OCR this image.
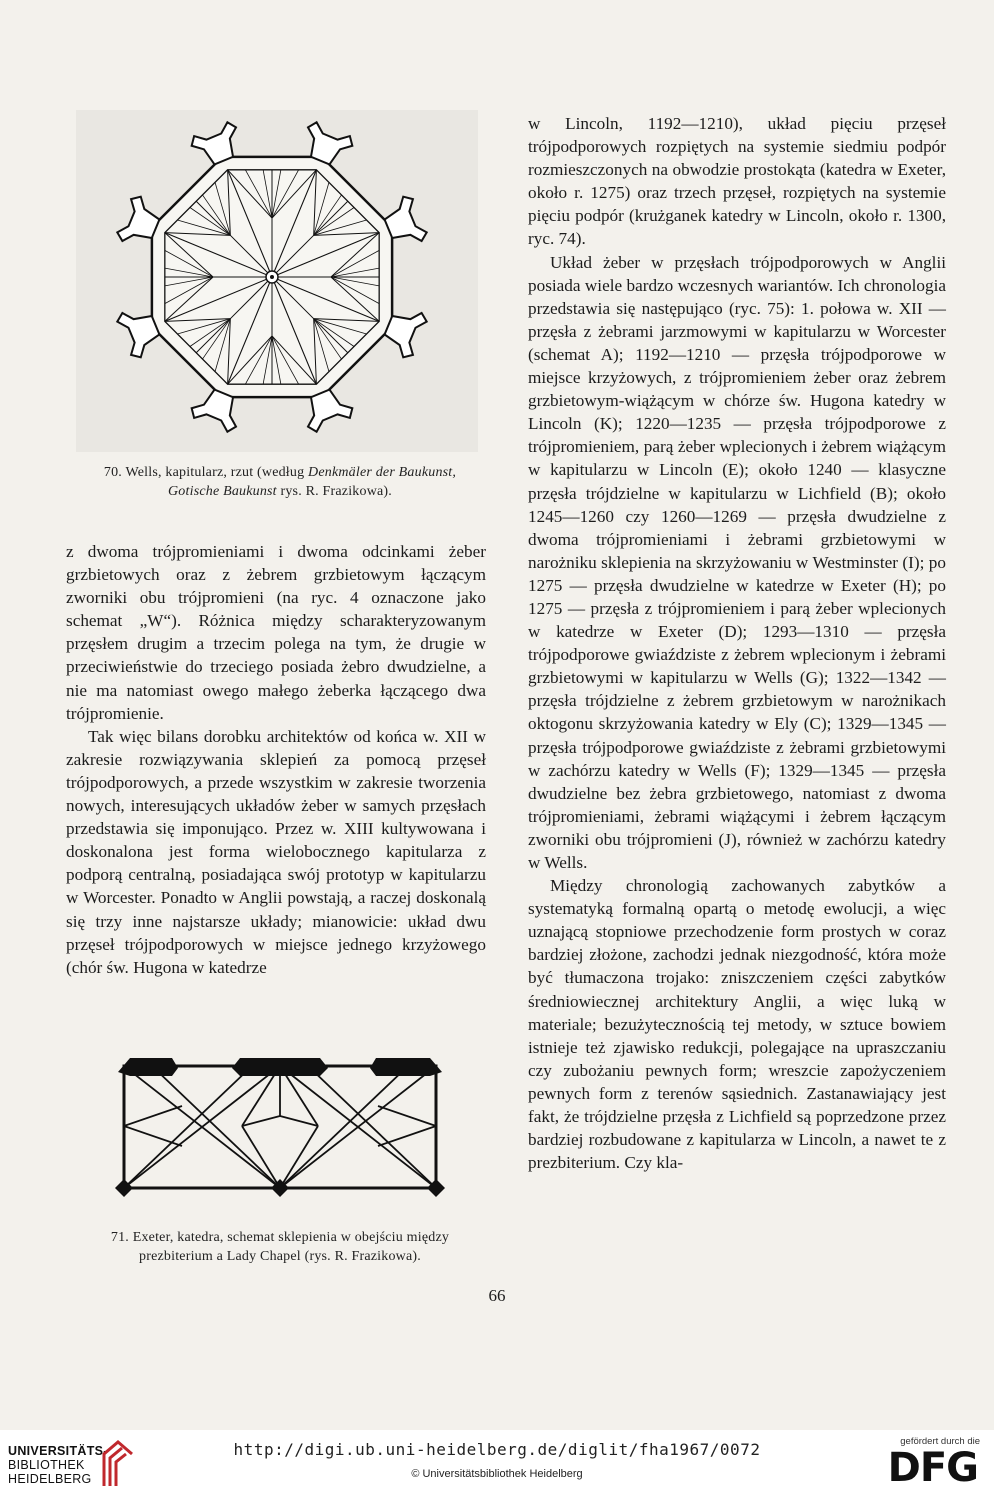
70. Wells, kapitularz, rzut (według Denkmäler der Baukunst,
Gotische Baukunst rys. R. Frazikowa).

z dwoma trójpromieniami i dwoma odcinkami żeber grzbietowych oraz z żebrem grzbietowym łączącym zworniki obu trójpromieni (na ryc. 4 oznaczone jako schemat „W“). Różnica między scharakteryzowanym przęsłem drugim a trzecim polega na tym, że drugie w przeciwieństwie do trzeciego posiada żebro dwudzielne, a nie ma natomiast owego małego żeberka łączącego dwa trójpromienie.

Tak więc bilans dorobku architektów od końca w. XII w zakresie rozwiązywania sklepień za pomocą przęseł trójpodporowych, a przede wszystkim w zakresie tworzenia nowych, interesujących układów żeber w samych przęsłach przedstawia się imponująco. Przez w. XIII kultywowana i doskonalona jest forma wielobocznego kapitularza z podporą centralną, posiadająca swój prototyp w kapitularzu w Worcester. Ponadto w Anglii powstają, a raczej doskonalą się trzy inne najstarsze układy; mianowicie: układ dwu przęseł trójpodporowych w miejsce jednego krzyżowego (chór św. Hugona w katedrze

71. Exeter, katedra, schemat sklepienia w obejściu między
prezbiterium a Lady Chapel (rys. R. Frazikowa).

w Lincoln, 1192—1210), układ pięciu przęseł trójpodporowych rozpiętych na systemie siedmiu podpór rozmieszczonych na obwodzie prostokąta (katedra w Exeter, około r. 1275) oraz trzech przęseł, rozpiętych na systemie pięciu podpór (krużganek katedry w Lincoln, około r. 1300, ryc. 74).

Układ żeber w przęsłach trójpodporowych w Anglii posiada wiele bardzo wczesnych wariantów. Ich chronologia przedstawia się następująco (ryc. 75): 1. połowa w. XII — przęsła z żebrami jarzmowymi w kapitularzu w Worcester (schemat A); 1192—1210 — przęsła trójpodporowe w miejsce krzyżowych, z trójpromieniem żeber oraz żebrem grzbietowym-wiążącym w chórze św. Hugona katedry w Lincoln (K); 1220—1235 — przęsła trójpodporowe z trójpromieniem, parą żeber wplecionych i żebrem wiążącym w kapitularzu w Lincoln (E); około 1240 — klasyczne przęsła trójdzielne w kapitularzu w Lichfield (B); około 1245—1260 czy 1260—1269 — przęsła dwudzielne z dwoma trójpromieniami i żebrami grzbietowymi w narożniku sklepienia na skrzyżowaniu w Westminster (I); po 1275 — przęsła dwudzielne w katedrze w Exeter (H); po 1275 — przęsła z trójpromieniem i parą żeber wplecionych w katedrze w Exeter (D); 1293—1310 — przęsła trójpodporowe gwiaździste z żebrem wplecionym i żebrami grzbietowymi w kapitularzu w Wells (G); 1322—1342 — przęsła trójdzielne z żebrem grzbietowym w narożnikach oktogonu skrzyżowania katedry w Ely (C); 1329—1345 — przęsła trójpodporowe gwiaździste z żebrami grzbietowymi w zachórzu katedry w Wells (F); 1329—1345 — przęsła dwudzielne bez żebra grzbietowego, natomiast z dwoma trójpromieniami, żebrami wiążącymi i żebrem łączącym zworniki obu trójpromieni (J), również w zachórzu katedry w Wells.

Między chronologią zachowanych zabytków a systematyką formalną opartą o metodę ewolucji, a więc uznającą stopniowe przechodzenie form prostych w coraz bardziej złożone, zachodzi jednak niezgodność, która może być tłumaczona trojako: zniszczeniem części zabytków średniowiecznej architektury Anglii, a więc luką w materiale; bezużytecznością tej metody, w sztuce bowiem istnieje też zjawisko redukcji, polegające na upraszczaniu czy zubożaniu pewnych form; wreszcie zapożyczeniem pewnych form z terenów sąsiednich. Zastanawiający jest fakt, że trójdzielne przęsła z Lichfield są poprzedzone przez bardziej rozbudowane z kapitularza w Lincoln, a nawet te z prezbiterium. Czy kla-

66
UNIVERSITÄTS-
BIBLIOTHEK
HEIDELBERG
http://digi.ub.uni-heidelberg.de/diglit/fha1967/0072
© Universitätsbibliothek Heidelberg
gefördert durch die
DFG
